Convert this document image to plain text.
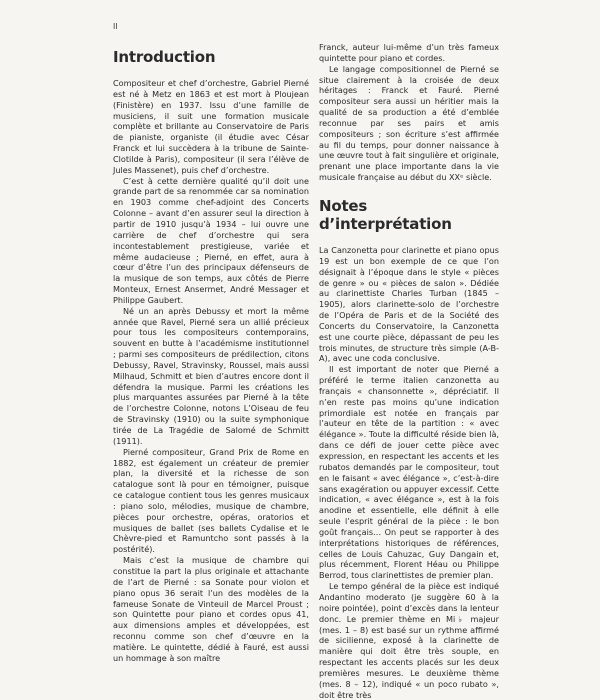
II
Introduction

Compositeur et chef d’orchestre, Gabriel Pierné est né à Metz en 1863 et est mort à Ploujean (Finistère) en 1937. Issu d’une famille de musiciens, il suit une formation musicale complète et brillante au Conservatoire de Paris de pianiste, organiste (il étudie avec César Franck et lui succèdera à la tribune de Sainte-Clotilde à Paris), compositeur (il sera l’élève de Jules Massenet), puis chef d’orchestre.

C’est à cette dernière qualité qu’il doit une grande part de sa renommée car sa nomination en 1903 comme chef-adjoint des Concerts Colonne – avant d’en assurer seul la direction à partir de 1910 jusqu’à 1934 – lui ouvre une carrière de chef d’orchestre qui sera incontestablement prestigieuse, variée et même audacieuse ; Pierné, en effet, aura à cœur d’être l’un des principaux défenseurs de la musique de son temps, aux côtés de Pierre Monteux, Ernest Ansermet, André Messager et Philippe Gaubert.

Né un an après Debussy et mort la même année que Ravel, Pierné sera un allié précieux pour tous les compositeurs contemporains, souvent en butte à l’académisme institutionnel ; parmi ses compositeurs de prédilection, citons Debussy, Ravel, Stravinsky, Roussel, mais aussi Milhaud, Schmitt et bien d’autres encore dont il défendra la musique. Parmi les créations les plus marquantes assurées par Pierné à la tête de l’orchestre Colonne, notons L’Oiseau de feu de Stravinsky (1910) ou la suite symphonique tirée de La Tragédie de Salomé de Schmitt (1911).

Pierné compositeur, Grand Prix de Rome en 1882, est également un créateur de premier plan, la diversité et la richesse de son catalogue sont là pour en témoigner, puisque ce catalogue contient tous les genres musicaux : piano solo, mélodies, musique de chambre, pièces pour orchestre, opéras, oratorios et musiques de ballet (ses ballets Cydalise et le Chèvre-pied et Ramuntcho sont passés à la postérité).

Mais c’est la musique de chambre qui constitue la part la plus originale et attachante de l’art de Pierné : sa Sonate pour violon et piano opus 36 serait l’un des modèles de la fameuse Sonate de Vinteuil de Marcel Proust ; son Quintette pour piano et cordes opus 41, aux dimensions amples et développées, est reconnu comme son chef d’œuvre en la matière. Le quintette, dédié à Fauré, est aussi un hommage à son maître

Franck, auteur lui-même d’un très fameux quintette pour piano et cordes.

Le langage compositionnel de Pierné se situe clairement à la croisée de deux héritages : Franck et Fauré. Pierné compositeur sera aussi un héritier mais la qualité de sa production a été d’emblée reconnue par ses pairs et amis compositeurs ; son écriture s’est affirmée au fil du temps, pour donner naissance à une œuvre tout à fait singulière et originale, prenant une place importante dans la vie musicale française au début du XXᵉ siècle.

Notes d’interprétation

La Canzonetta pour clarinette et piano opus 19 est un bon exemple de ce que l’on désignait à l’époque dans le style « pièces de genre » ou « pièces de salon ». Dédiée au clarinettiste Charles Turban (1845 – 1905), alors clarinette-solo de l’orchestre de l’Opéra de Paris et de la Société des Concerts du Conservatoire, la Canzonetta est une courte pièce, dépassant de peu les trois minutes, de structure très simple (A-B-A), avec une coda conclusive.

Il est important de noter que Pierné a préféré le terme italien canzonetta au français « chansonnette », dépréciatif. Il n’en reste pas moins qu’une indication primordiale est notée en français par l’auteur en tête de la partition : « avec élégance ». Toute la difficulté réside bien là, dans ce défi de jouer cette pièce avec expression, en respectant les accents et les rubatos demandés par le compositeur, tout en le faisant « avec élégance », c’est-à-dire sans exagération ou appuyer excessif. Cette indication, « avec élégance », est à la fois anodine et essentielle, elle définit à elle seule l’esprit général de la pièce : le bon goût français… On peut se rapporter à des interprétations historiques de références, celles de Louis Cahuzac, Guy Dangain et, plus récemment, Florent Héau ou Philippe Berrod, tous clarinettistes de premier plan.

Le tempo général de la pièce est indiqué Andantino moderato (je suggère 60 à la noire pointée), point d’excès dans la lenteur donc. Le premier thème en Mi♭ majeur (mes. 1 – 8) est basé sur un rythme affirmé de sicilienne, exposé à la clarinette de manière qui doit être très souple, en respectant les accents placés sur les deux premières mesures. Le deuxième thème (mes. 8 – 12), indiqué « un poco rubato », doit être très
